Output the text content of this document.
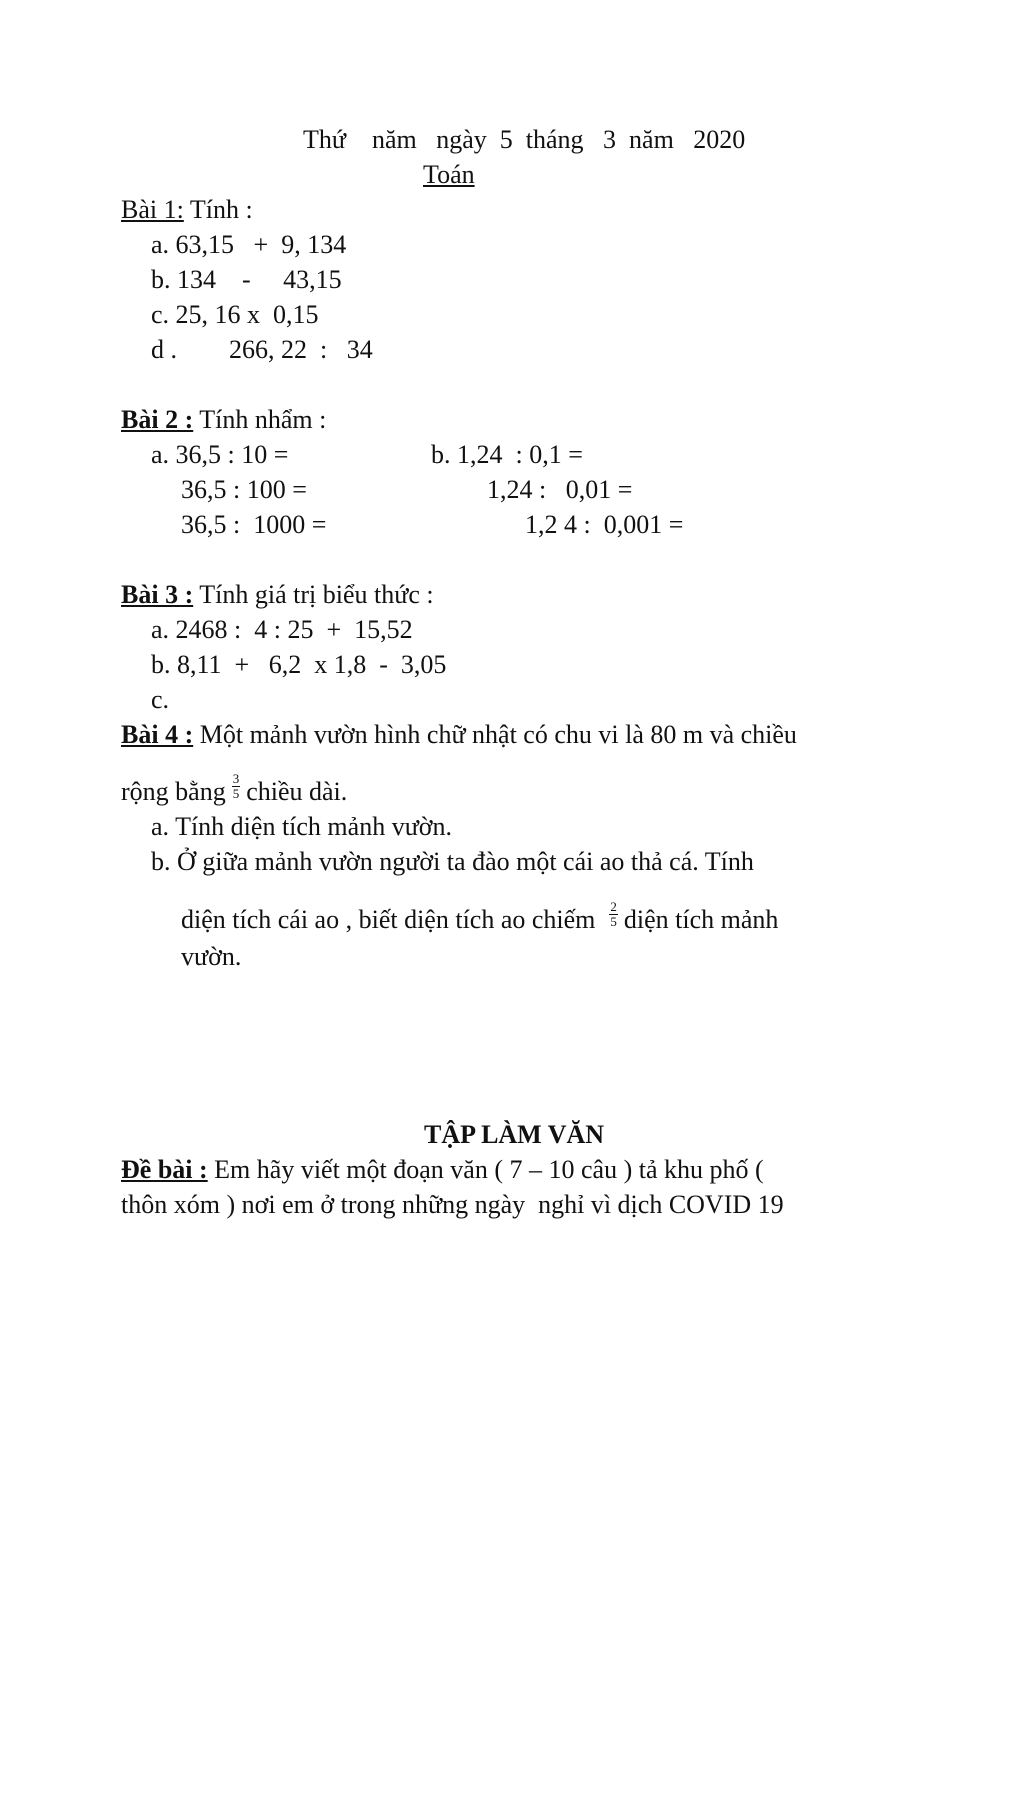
Thứ    năm   ngày  5  tháng   3  năm   2020
Toán
Bài 1: Tính :
a. 63,15   +  9, 134
b. 134    -     43,15
c. 25, 16 x  0,15
d .        266, 22  :   34
Bài 2 : Tính nhẩm :
a. 36,5 : 10 =
36,5 : 100 =
36,5 :  1000 =
b. 1,24  : 0,1 =
1,24 :   0,01 =
1,2 4 :  0,001 =
Bài 3 : Tính giá trị biểu thức :
a. 2468 :  4 : 25  +  15,52
b. 8,11  +   6,2  x 1,8  -  3,05
c.
Bài 4 : Một mảnh vườn hình chữ nhật có chu vi là 80 m và chiều
rộng bằng $\frac{3}{5}$ chiều dài.
a. Tính diện tích mảnh vườn.
b. Ở giữa mảnh vườn người ta đào một cái ao thả cá. Tính
diện tích cái ao , biết diện tích ao chiếm $\frac{2}{5}$ diện tích mảnh
vườn.
TẬP LÀM VĂN
Đề bài : Em hãy viết một đoạn văn ( 7 – 10 câu ) tả khu phố (
thôn xóm ) nơi em ở trong những ngày  nghỉ vì dịch COVID 19
